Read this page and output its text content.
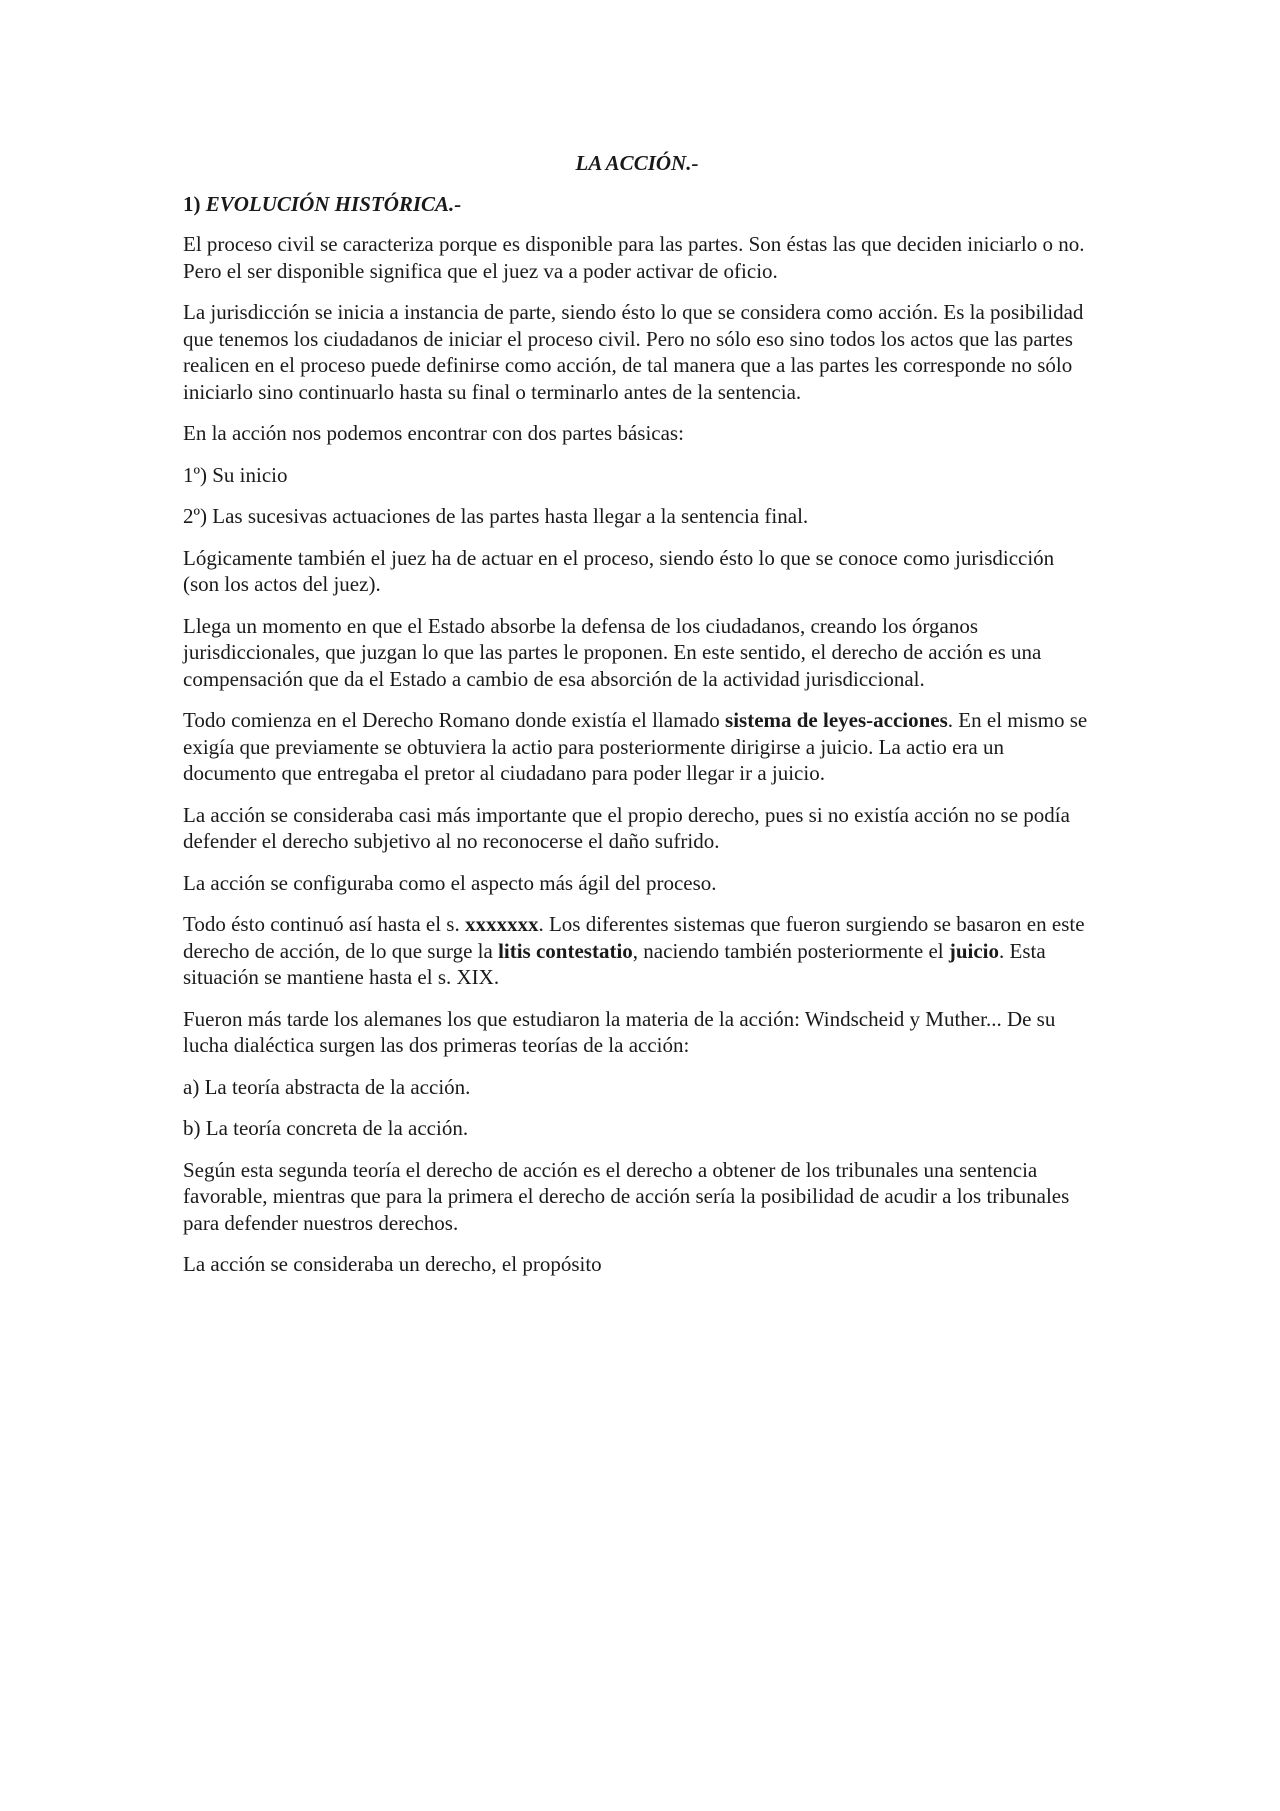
LA ACCIÓN.-
1) EVOLUCIÓN HISTÓRICA.-

El proceso civil se caracteriza porque es disponible para las partes. Son éstas las que deciden iniciarlo o no. Pero el ser disponible significa que el juez va a poder activar de oficio.

La jurisdicción se inicia a instancia de parte, siendo ésto lo que se considera como acción. Es la posibilidad que tenemos los ciudadanos de iniciar el proceso civil. Pero no sólo eso sino todos los actos que las partes realicen en el proceso puede definirse como acción, de tal manera que a las partes les corresponde no sólo iniciarlo sino continuarlo hasta su final o terminarlo antes de la sentencia.

En la acción nos podemos encontrar con dos partes básicas:

1º) Su inicio

2º) Las sucesivas actuaciones de las partes hasta llegar a la sentencia final.

Lógicamente también el juez ha de actuar en el proceso, siendo ésto lo que se conoce como jurisdicción (son los actos del juez).

Llega un momento en que el Estado absorbe la defensa de los ciudadanos, creando los órganos jurisdiccionales, que juzgan lo que las partes le proponen. En este sentido, el derecho de acción es una compensación que da el Estado a cambio de esa absorción de la actividad jurisdiccional.

Todo comienza en el Derecho Romano donde existía el llamado sistema de leyes-acciones. En el mismo se exigía que previamente se obtuviera la actio para posteriormente dirigirse a juicio. La actio era un documento que entregaba el pretor al ciudadano para poder llegar ir a juicio.

La acción se consideraba casi más importante que el propio derecho, pues si no existía acción no se podía defender el derecho subjetivo al no reconocerse el daño sufrido.

La acción se configuraba como el aspecto más ágil del proceso.

Todo ésto continuó así hasta el s. xxxxxxx. Los diferentes sistemas que fueron surgiendo se basaron en este derecho de acción, de lo que surge la litis contestatio, naciendo también posteriormente el juicio. Esta situación se mantiene hasta el s. XIX.

Fueron más tarde los alemanes los que estudiaron la materia de la acción: Windscheid y Muther... De su lucha dialéctica surgen las dos primeras teorías de la acción:

a) La teoría abstracta de la acción.

b) La teoría concreta de la acción.

Según esta segunda teoría el derecho de acción es el derecho a obtener de los tribunales una sentencia favorable, mientras que para la primera el derecho de acción sería la posibilidad de acudir a los tribunales para defender nuestros derechos.

La acción se consideraba un derecho, el propósito
